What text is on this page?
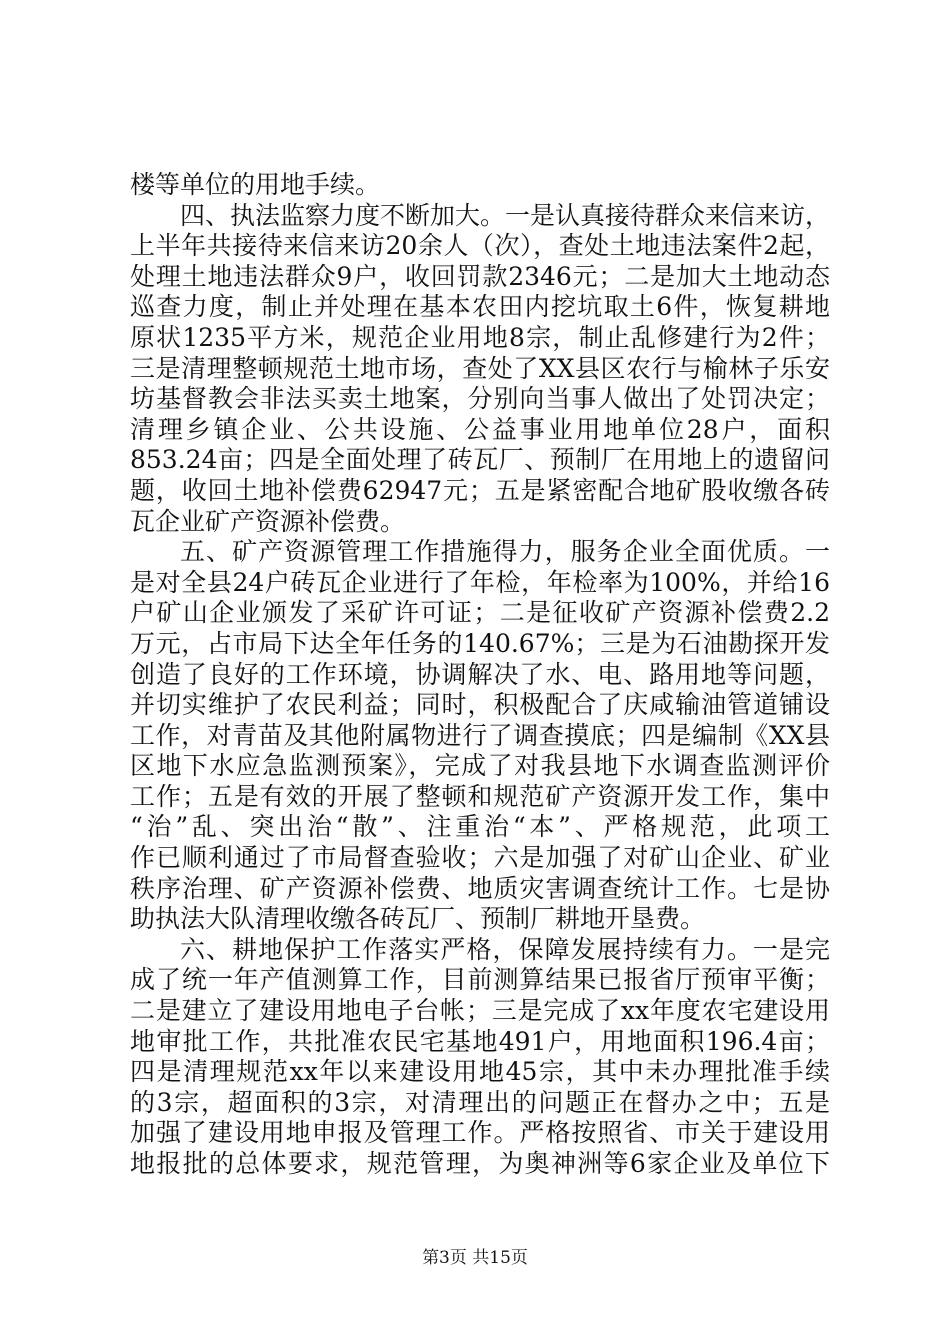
楼等单位的用地手续。
四、执法监察力度不断加大。一是认真接待群众来信来访，
上半年共接待来信来访20余人（次），查处土地违法案件2起，
处理土地违法群众9户，收回罚款2346元；二是加大土地动态
巡查力度，制止并处理在基本农田内挖坑取土6件，恢复耕地
原状1235平方米，规范企业用地8宗，制止乱修建行为2件；
三是清理整顿规范土地市场，查处了XX县区农行与榆林子乐安
坊基督教会非法买卖土地案，分别向当事人做出了处罚决定；
清理乡镇企业、公共设施、公益事业用地单位28户，面积
853.24亩；四是全面处理了砖瓦厂、预制厂在用地上的遗留问
题，收回土地补偿费62947元；五是紧密配合地矿股收缴各砖
瓦企业矿产资源补偿费。
五、矿产资源管理工作措施得力，服务企业全面优质。一
是对全县24户砖瓦企业进行了年检，年检率为100%，并给16
户矿山企业颁发了采矿许可证；二是征收矿产资源补偿费2.2
万元，占市局下达全年任务的140.67%；三是为石油勘探开发
创造了良好的工作环境，协调解决了水、电、路用地等问题，
并切实维护了农民利益；同时，积极配合了庆咸输油管道铺设
工作，对青苗及其他附属物进行了调查摸底；四是编制《XX县
区地下水应急监测预案》，完成了对我县地下水调查监测评价
工作；五是有效的开展了整顿和规范矿产资源开发工作，集中
“治”乱、突出治“散”、注重治“本”、严格规范，此项工
作已顺利通过了市局督查验收；六是加强了对矿山企业、矿业
秩序治理、矿产资源补偿费、地质灾害调查统计工作。七是协
助执法大队清理收缴各砖瓦厂、预制厂耕地开垦费。
六、耕地保护工作落实严格，保障发展持续有力。一是完
成了统一年产值测算工作，目前测算结果已报省厅预审平衡；
二是建立了建设用地电子台帐；三是完成了xx年度农宅建设用
地审批工作，共批准农民宅基地491户，用地面积196.4亩；
四是清理规范xx年以来建设用地45宗，其中未办理批准手续
的3宗，超面积的3宗，对清理出的问题正在督办之中；五是
加强了建设用地申报及管理工作。严格按照省、市关于建设用
地报批的总体要求，规范管理，为奥神洲等6家企业及单位下
第3页 共15页
